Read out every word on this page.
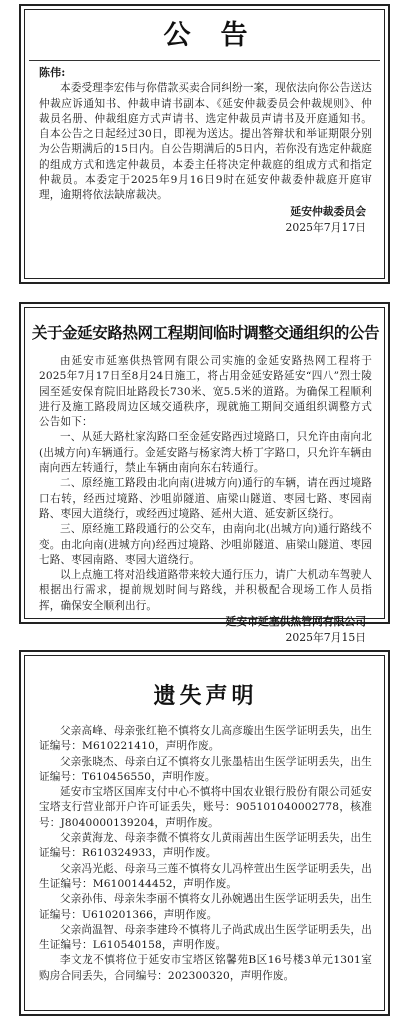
公告

陈伟:

本委受理李宏伟与你借款买卖合同纠纷一案，现依法向你公告送达仲裁应诉通知书、仲裁申请书副本、《延安仲裁委员会仲裁规则》、仲裁员名册、仲裁组庭方式声请书、选定仲裁员声请书及开庭通知书。自本公告之日起经过30日，即视为送达。提出答辩状和举证期限分别为公告期满后的15日内。自公告期满后的5日内，若你没有选定仲裁庭的组成方式和选定仲裁员，本委主任将决定仲裁庭的组成方式和指定仲裁员。本委定于2025年9月16日9时在延安仲裁委仲裁庭开庭审理，逾期将依法缺席裁决。

延安仲裁委员会
2025年7月17日
关于金延安路热网工程期间临时调整交通组织的公告

由延安市延塞供热管网有限公司实施的金延安路热网工程将于2025年7月17日至8月24日施工，将占用金延安路延安“四八”烈士陵园至延安保育院旧址路段长730米、宽5.5米的道路。为确保工程顺利进行及施工路段周边区域交通秩序，现就施工期间交通组织调整方式公告如下：

一、从延大路杜家沟路口至金延安路西过境路口，只允许由南向北(出城方向)车辆通行。金延安路与杨家湾大桥丁字路口，只允许车辆由南向西左转通行，禁止车辆由南向东右转通行。

二、原经施工路段由北向南(进城方向)通行的车辆，请在西过境路口右转，经西过境路、沙咀峁隧道、庙梁山隧道、枣园七路、枣园南路、枣园大道绕行，或经西过境路、延州大道、延安新区绕行。

三、原经施工路段通行的公交车，由南向北(出城方向)通行路线不变。由北向南(进城方向)经西过境路、沙咀峁隧道、庙梁山隧道、枣园七路、枣园南路、枣园大道绕行。

以上点施工将对沿线道路带来较大通行压力，请广大机动车驾驶人根据出行需求，提前规划时间与路线，并积极配合现场工作人员指挥，确保安全顺利出行。

延安市延塞供热管网有限公司
2025年7月15日
遗失声明

父亲高峰、母亲张红艳不慎将女儿高彦璇出生医学证明丢失，出生证编号：M610221410，声明作废。

父亲张晓杰、母亲白辽不慎将女儿张墨桔出生医学证明丢失，出生证编号：T610456550，声明作废。

延安市宝塔区国库支付中心不慎将中国农业银行股份有限公司延安宝塔支行营业部开户许可证丢失，账号：905101040002778，核准号：J8040000139204，声明作废。

父亲黄海龙、母亲李微不慎将女儿黄雨茜出生医学证明丢失，出生证编号：R610324933，声明作废。

父亲冯光彪、母亲马三莲不慎将女儿冯梓萱出生医学证明丢失，出生证编号：M6100144452，声明作废。

父亲孙伟、母亲朱李丽不慎将女儿孙婉遇出生医学证明丢失，出生证编号：U610201366，声明作废。

父亲尚温智、母亲李建玲不慎将儿子尚武成出生医学证明丢失，出生证编号：L610540158，声明作废。

李文龙不慎将位于延安市宝塔区铭馨苑B区16号楼3单元1301室购房合同丢失，合同编号：202300320，声明作废。
